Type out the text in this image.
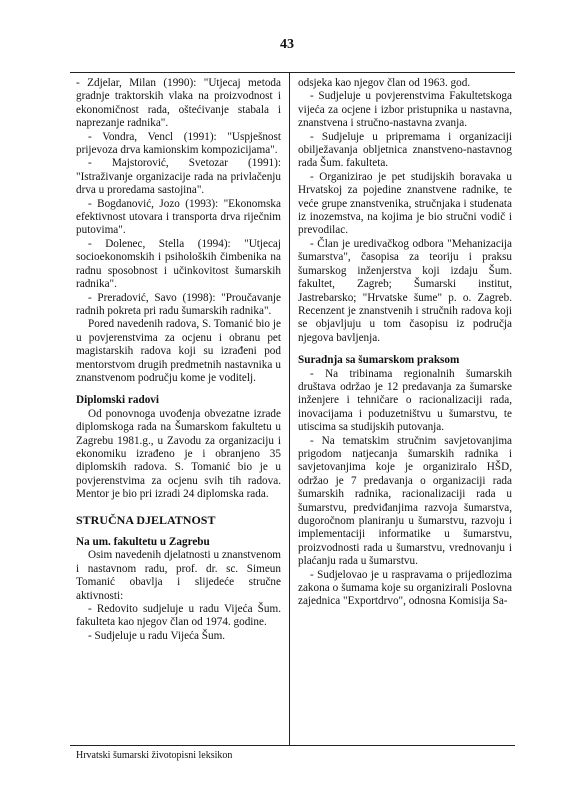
43

- Zdjelar, Milan (1990): "Utjecaj metoda gradnje traktorskih vlaka na proizvodnost i ekonomičnost rada, oštećivanje stabala i naprezanje radnika".

- Vondra, Vencl (1991): "Uspješnost prijevoza drva kamionskim kompozicijama".

- Majstorović, Svetozar (1991): "Istraživanje organizacije rada na privlačenju drva u proredama sastojina".

- Bogdanović, Jozo (1993): "Ekonomska efektivnost utovara i transporta drva riječnim putovima".

- Dolenec, Stella (1994): "Utjecaj socioekonomskih i psiholoških čimbenika na radnu sposobnost i učinkovitost šumarskih radnika".

- Preradović, Savo (1998): "Proučavanje radnih pokreta pri radu šumarskih radnika".

Pored navedenih radova, S. Tomanić bio je u povjerenstvima za ocjenu i obranu pet magistarskih radova koji su izrađeni pod mentorstvom drugih predmetnih nastavnika u znanstvenom području kome je voditelj.

Diplomski radovi

Od ponovnoga uvođenja obvezatne izrade diplomskoga rada na Šumarskom fakultetu u Zagrebu 1981.g., u Zavodu za organizaciju i ekonomiku izrađeno je i obranjeno 35 diplomskih radova. S. Tomanić bio je u povjerenstvima za ocjenu svih tih radova. Mentor je bio pri izradi 24 diplomska rada.

STRUČNA DJELATNOST

Na um. fakultetu u Zagrebu

Osim navedenih djelatnosti u znanstvenom i nastavnom radu, prof. dr. sc. Simeun Tomanić obavlja i slijedeće stručne aktivnosti:

- Redovito sudjeluje u radu Vijeća Šum. fakulteta kao njegov član od 1974. godine.

- Sudjeluje u radu Vijeća Šum.

odsjeka kao njegov član od 1963. god.

- Sudjeluje u povjerenstvima Fakultetskoga vijeća za ocjene i izbor pristupnika u nastavna, znanstvena i stručno-nastavna zvanja.

- Sudjeluje u pripremama i organizaciji obilježavanja obljetnica znanstveno-nastavnog rada Šum. fakulteta.

- Organizirao je pet studijskih boravaka u Hrvatskoj za pojedine znanstvene radnike, te veće grupe znanstvenika, stručnjaka i studenata iz inozemstva, na kojima je bio stručni vodič i prevodilac.

- Član je uredivačkog odbora "Mehanizacija šumarstva", časopisa za teoriju i praksu šumarskog inženjerstva koji izdaju Šum. fakultet, Zagreb; Šumarski institut, Jastrebarsko; "Hrvatske šume" p. o. Zagreb. Recenzent je znanstvenih i stručnih radova koji se objavljuju u tom časopisu iz područja njegova bavljenja.

Suradnja sa šumarskom praksom

- Na tribinama regionalnih šumarskih društava održao je 12 predavanja za šumarske inženjere i tehničare o racionalizaciji rada, inovacijama i poduzetništvu u šumarstvu, te utiscima sa studijskih putovanja.

- Na tematskim stručnim savjetovanjima prigodom natjecanja šumarskih radnika i savjetovanjima koje je organiziralo HŠD, održao je 7 predavanja o organizaciji rada šumarskih radnika, racionalizaciji rada u šumarstvu, predviđanjima razvoja šumarstva, dugoročnom planiranju u šumarstvu, razvoju i implementaciji informatike u šumarstvu, proizvodnosti rada u šumarstvu, vrednovanju i plaćanju rada u šumarstvu.

- Sudjelovao je u raspravama o prijedlozima zakona o šumama koje su organizirali Poslovna zajednica "Exportdrvo", odnosna Komisija Sa-

Hrvatski šumarski životopisni leksikon
